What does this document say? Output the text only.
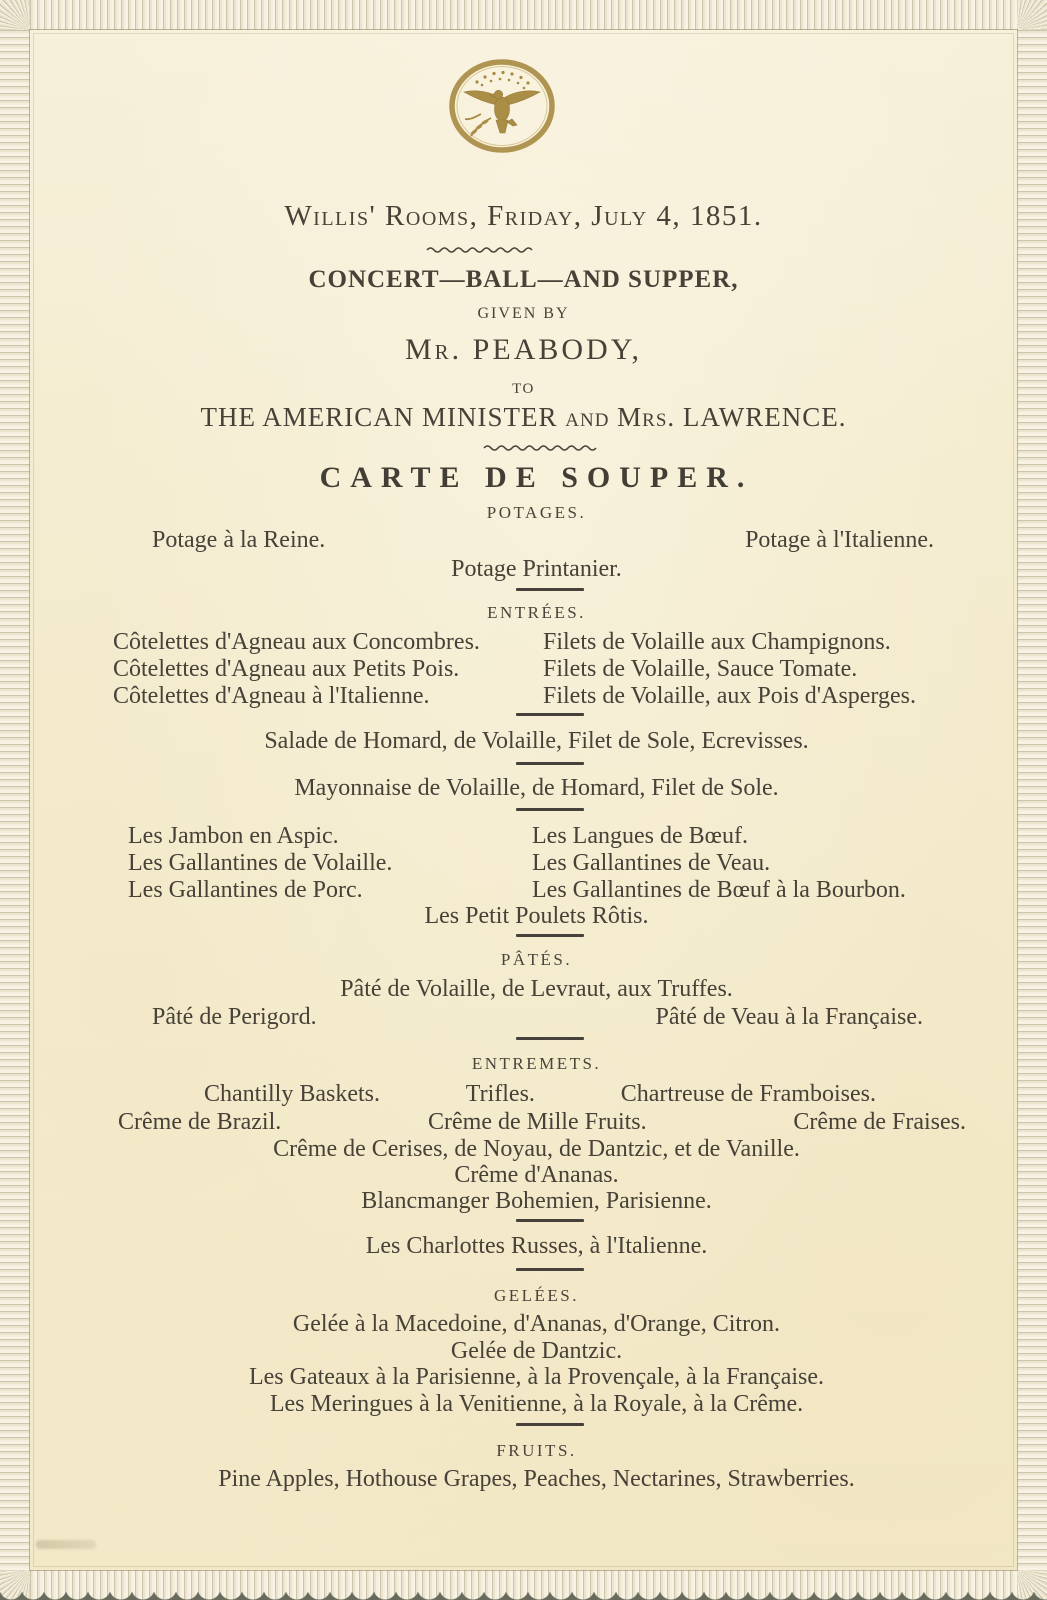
Willis' Rooms, Friday, July 4, 1851.
CONCERT—BALL—AND SUPPER,
GIVEN BY
Mr. PEABODY,
TO
THE AMERICAN MINISTER and Mrs. LAWRENCE.
CARTE DE SOUPER.
POTAGES.
Potage à la Reine.	Potage à l'Italienne.
Potage Printanier.
ENTRÉES.
Côtelettes d'Agneau aux Concombres.	Filets de Volaille aux Champignons.
Côtelettes d'Agneau aux Petits Pois.	Filets de Volaille, Sauce Tomate.
Côtelettes d'Agneau à l'Italienne.	Filets de Volaille, aux Pois d'Asperges.
Salade de Homard, de Volaille, Filet de Sole, Ecrevisses.
Mayonnaise de Volaille, de Homard, Filet de Sole.
Les Jambon en Aspic.	Les Langues de Bœuf.
Les Gallantines de Volaille.	Les Gallantines de Veau.
Les Gallantines de Porc.	Les Gallantines de Bœuf à la Bourbon.
Les Petit Poulets Rôtis.
PÂTÉS.
Pâté de Volaille, de Levraut, aux Truffes.
Pâté de Perigord.	Pâté de Veau à la Française.
ENTREMETS.
Chantilly Baskets.	Trifles.	Chartreuse de Framboises.
Crême de Brazil.	Crême de Mille Fruits.	Crême de Fraises.
Crême de Cerises, de Noyau, de Dantzic, et de Vanille.
Crême d'Ananas.
Blancmanger Bohemien, Parisienne.
Les Charlottes Russes, à l'Italienne.
GELÉES.
Gelée à la Macedoine, d'Ananas, d'Orange, Citron.
Gelée de Dantzic.
Les Gateaux à la Parisienne, à la Provençale, à la Française.
Les Meringues à la Venitienne, à la Royale, à la Crême.
FRUITS.
Pine Apples, Hothouse Grapes, Peaches, Nectarines, Strawberries.
